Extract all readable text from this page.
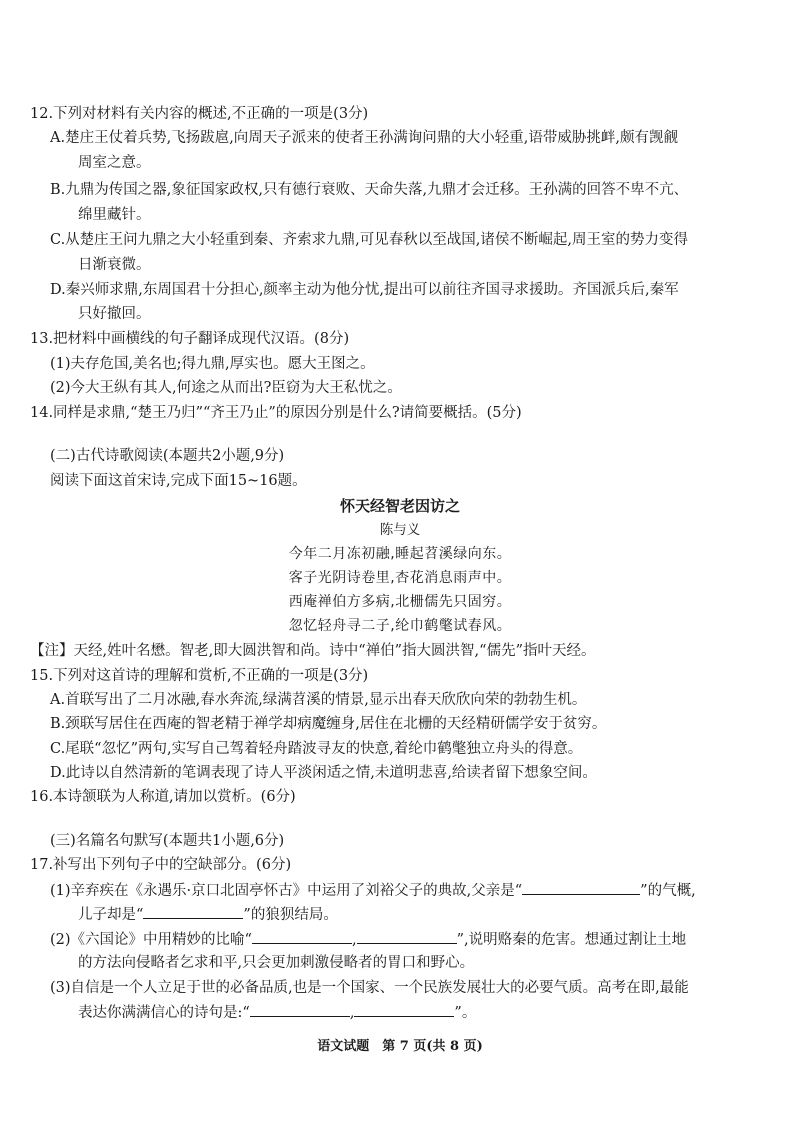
12.下列对材料有关内容的概述,不正确的一项是(3分)
A.楚庄王仗着兵势,飞扬跋扈,向周天子派来的使者王孙满询问鼎的大小轻重,语带威胁挑衅,颇有觊觎
周室之意。
B.九鼎为传国之器,象征国家政权,只有德行衰败、天命失落,九鼎才会迁移。王孙满的回答不卑不亢、
绵里藏针。
C.从楚庄王问九鼎之大小轻重到秦、齐索求九鼎,可见春秋以至战国,诸侯不断崛起,周王室的势力变得
日渐衰微。
D.秦兴师求鼎,东周国君十分担心,颜率主动为他分忧,提出可以前往齐国寻求援助。齐国派兵后,秦军
只好撤回。
13.把材料中画横线的句子翻译成现代汉语。(8分)
(1)夫存危国,美名也;得九鼎,厚实也。愿大王图之。
(2)今大王纵有其人,何途之从而出?臣窃为大王私忧之。
14.同样是求鼎,“楚王乃归”“齐王乃止”的原因分别是什么?请简要概括。(5分)
(二)古代诗歌阅读(本题共2小题,9分)
阅读下面这首宋诗,完成下面15~16题。
怀天经智老因访之
陈与义
今年二月冻初融,睡起苕溪绿向东。
客子光阴诗卷里,杏花消息雨声中。
西庵禅伯方多病,北栅儒先只固穷。
忽忆轻舟寻二子,纶巾鹤氅试春风。
【注】天经,姓叶名懋。智老,即大圆洪智和尚。诗中“禅伯”指大圆洪智,“儒先”指叶天经。
15.下列对这首诗的理解和赏析,不正确的一项是(3分)
A.首联写出了二月冰融,春水奔流,绿满苕溪的情景,显示出春天欣欣向荣的勃勃生机。
B.颈联写居住在西庵的智老精于禅学却病魔缠身,居住在北栅的天经精研儒学安于贫穷。
C.尾联“忽忆”两句,实写自己驾着轻舟踏波寻友的快意,着纶巾鹤氅独立舟头的得意。
D.此诗以自然清新的笔调表现了诗人平淡闲适之情,未道明悲喜,给读者留下想象空间。
16.本诗颔联为人称道,请加以赏析。(6分)
(三)名篇名句默写(本题共1小题,6分)
17.补写出下列句子中的空缺部分。(6分)
(1)辛弃疾在《永遇乐·京口北固亭怀古》中运用了刘裕父子的典故,父亲是“	”的气概,
儿子却是“	”的狼狈结局。
(2)《六国论》中用精妙的比喻“	,	”,说明赂秦的危害。想通过割让土地
的方法向侵略者乞求和平,只会更加刺激侵略者的胃口和野心。
(3)自信是一个人立足于世的必备品质,也是一个国家、一个民族发展壮大的必要气质。高考在即,最能
表达你满满信心的诗句是:“	,	”。
语文试题　第 7 页(共 8 页)
